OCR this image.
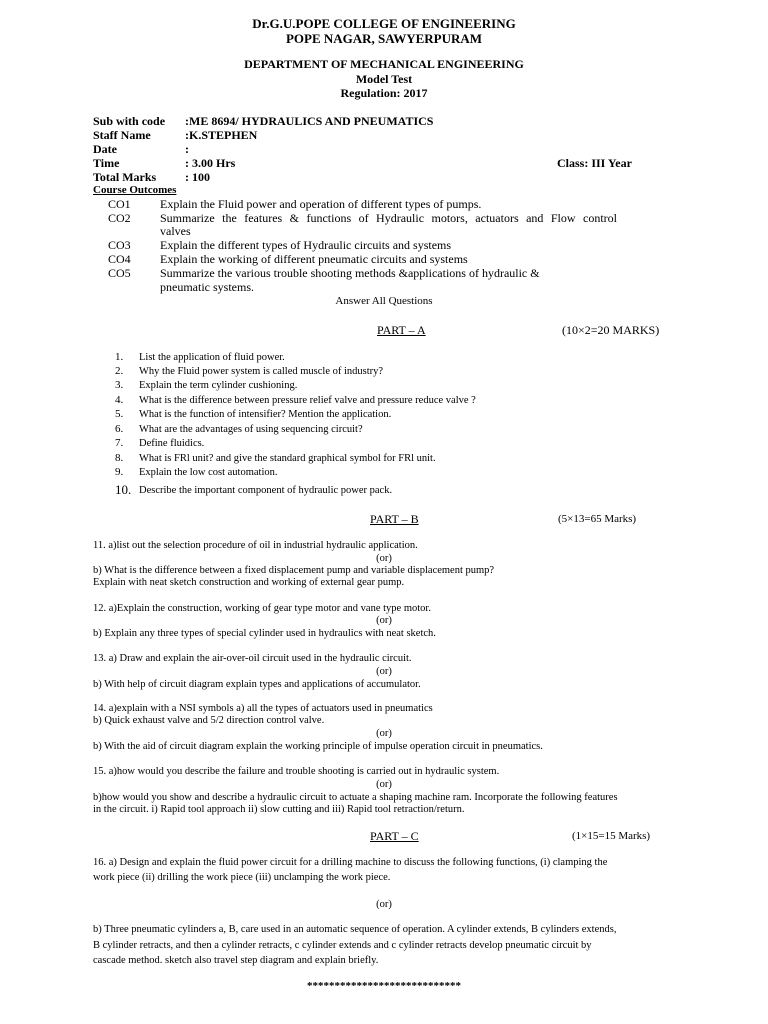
Dr.G.U.POPE COLLEGE OF ENGINEERING
POPE NAGAR, SAWYERPURAM
DEPARTMENT OF MECHANICAL ENGINEERING
Model Test
Regulation: 2017
Sub with code :ME 8694/ HYDRAULICS AND PNEUMATICS
Staff Name	:K.STEPHEN
Date	:
Time	: 3.00 Hrs	Class: III Year
Total Marks : 100
Course Outcomes
CO1 Explain the Fluid power and operation of different types of pumps.
CO2 Summarize the features & functions of Hydraulic motors, actuators and Flow control
valves
CO3 Explain the different types of Hydraulic circuits and systems
CO4 Explain the working of different pneumatic circuits and systems
CO5 Summarize the various trouble shooting methods &applications of hydraulic &
pneumatic systems.
Answer All Questions
PART – A	(10×2=20 MARKS)
1. List the application of fluid power.
2. Why the Fluid power system is called muscle of industry?
3. Explain the term cylinder cushioning.
4. What is the difference between pressure relief valve and pressure reduce valve ?
5. What is the function of intensifier? Mention the application.
6. What are the advantages of using sequencing circuit?
7. Define fluidics.
8. What is FRl unit? and give the standard graphical symbol for FRl unit.
9. Explain the low cost automation.
10. Describe the important component of hydraulic power pack.
PART – B	(5×13=65 Marks)
11. a)list out the selection procedure of oil in industrial hydraulic application.
(or)
b) What is the difference between a fixed displacement pump and variable displacement pump?
Explain with neat sketch construction and working of external gear pump.
12. a)Explain the construction, working of gear type motor and vane type motor.
(or)
b) Explain any three types of special cylinder used in hydraulics with neat sketch.
13. a) Draw and explain the air-over-oil circuit used in the hydraulic circuit.
(or)
b) With help of circuit diagram explain types and applications of accumulator.
14. a)explain with a NSI symbols a) all the types of actuators used in pneumatics
b) Quick exhaust valve and 5/2 direction control valve.
(or)
b) With the aid of circuit diagram explain the working principle of impulse operation circuit in pneumatics.
15. a)how would you describe the failure and trouble shooting is carried out in hydraulic system.
(or)
b)how would you show and describe a hydraulic circuit to actuate a shaping machine ram. Incorporate the following features
in the circuit. i) Rapid tool approach ii) slow cutting and iii) Rapid tool retraction/return.
PART – C	(1×15=15 Marks)
16. a) Design and explain the fluid power circuit for a drilling machine to discuss the following functions, (i) clamping the
work piece (ii) drilling the work piece (iii) unclamping the work piece.
(or)
b) Three pneumatic cylinders a, B, care used in an automatic sequence of operation. A cylinder extends, B cylinders extends,
B cylinder retracts, and then a cylinder retracts, c cylinder extends and c cylinder retracts develop pneumatic circuit by
cascade method. sketch also travel step diagram and explain briefly.
****************************
